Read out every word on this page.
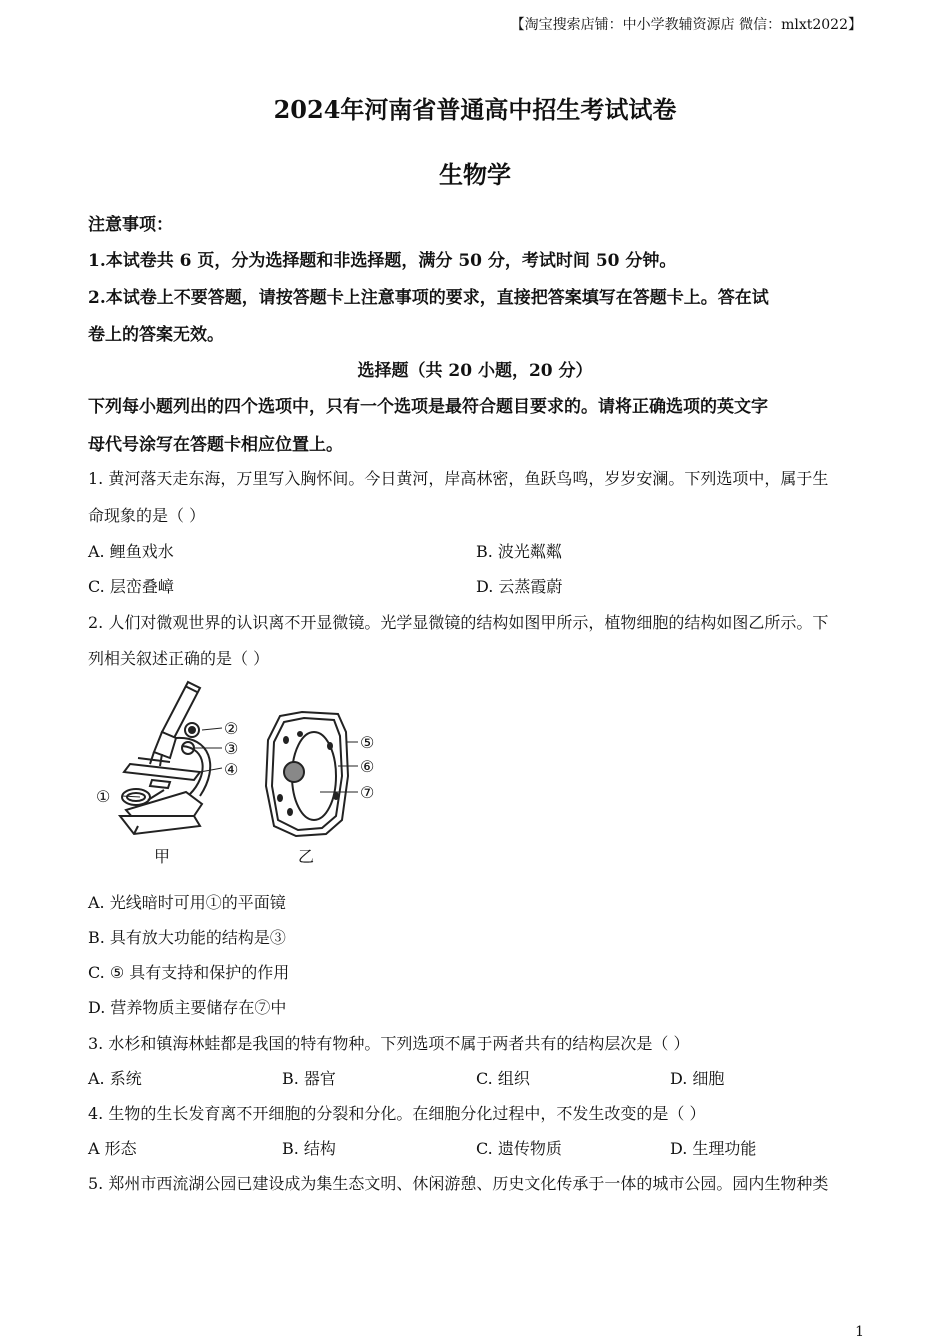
【淘宝搜索店铺：中小学教辅资源店 微信：mlxt2022】
2024年河南省普通高中招生考试试卷
生物学
注意事项：
1.本试卷共 6 页，分为选择题和非选择题，满分 50 分，考试时间 50 分钟。
2.本试卷上不要答题，请按答题卡上注意事项的要求，直接把答案填写在答题卡上。答在试
卷上的答案无效。
选择题（共 20 小题，20 分）
下列每小题列出的四个选项中，只有一个选项是最符合题目要求的。请将正确选项的英文字
母代号涂写在答题卡相应位置上。
1. 黄河落天走东海，万里写入胸怀间。今日黄河，岸高林密，鱼跃鸟鸣，岁岁安澜。下列选项中，属于生
命现象的是（ ）
A. 鲤鱼戏水	B. 波光粼粼
C. 层峦叠嶂	D. 云蒸霞蔚
2. 人们对微观世界的认识离不开显微镜。光学显微镜的结构如图甲所示，植物细胞的结构如图乙所示。下
列相关叙述正确的是（ ）
①
②
③
④
⑤
⑥
⑦
甲	乙
A. 光线暗时可用①的平面镜
B. 具有放大功能的结构是③
C. ⑤ 具有支持和保护的作用
D. 营养物质主要储存在⑦中
3. 水杉和镇海林蛙都是我国的特有物种。下列选项不属于两者共有的结构层次是（ ）
A. 系统	B. 器官	C. 组织	D. 细胞
4. 生物的生长发育离不开细胞的分裂和分化。在细胞分化过程中，不发生改变的是（ ）
A 形态	B. 结构	C. 遗传物质	D. 生理功能
5. 郑州市西流湖公园已建设成为集生态文明、休闲游憩、历史文化传承于一体的城市公园。园内生物种类
1
